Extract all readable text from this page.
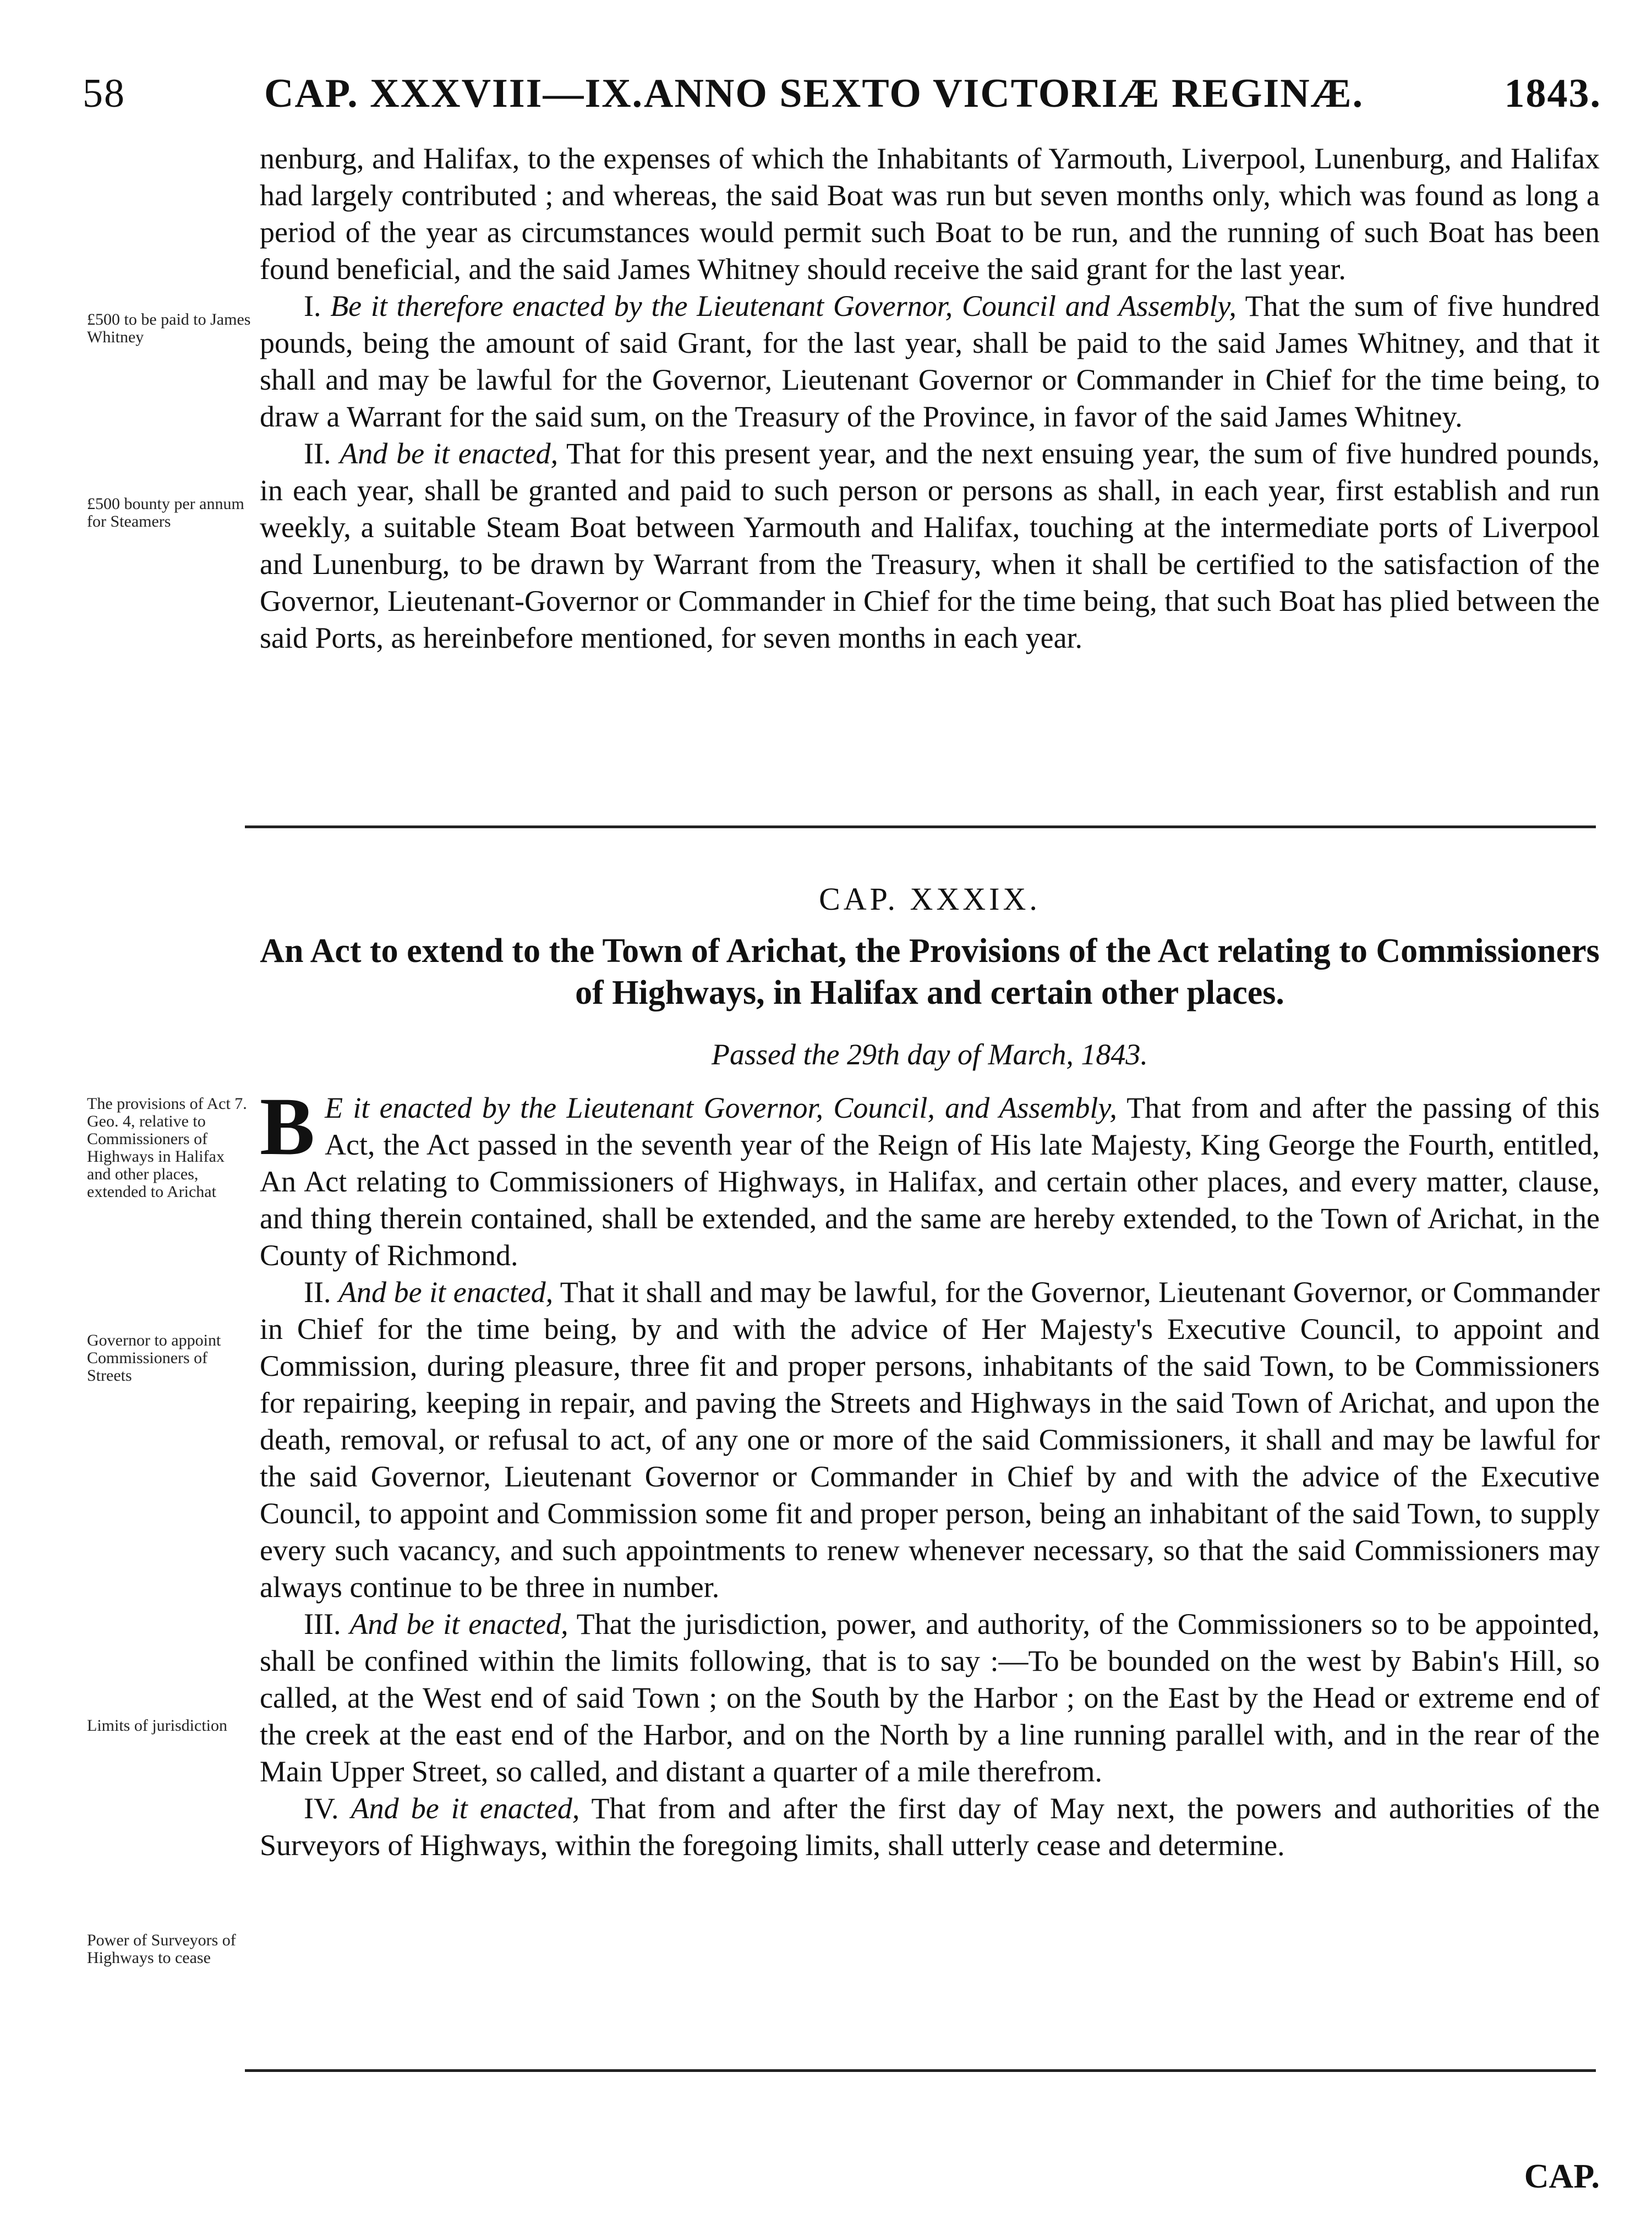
58	CAP. XXXVIII—IX. ANNO SEXTO VICTORIÆ REGINÆ.	1843.

nenburg, and Halifax, to the expenses of which the Inhabitants of Yarmouth, Liverpool, Lunenburg, and Halifax had largely contributed ; and whereas, the said Boat was run but seven months only, which was found as long a period of the year as circumstances would permit such Boat to be run, and the running of such Boat has been found beneficial, and the said James Whitney should receive the said grant for the last year.

I. Be it therefore enacted by the Lieutenant Governor, Council and Assembly, That the sum of five hundred pounds, being the amount of said Grant, for the last year, shall be paid to the said James Whitney, and that it shall and may be lawful for the Governor, Lieutenant Governor or Commander in Chief for the time being, to draw a Warrant for the said sum, on the Treasury of the Province, in favor of the said James Whitney.

II. And be it enacted, That for this present year, and the next ensuing year, the sum of five hundred pounds, in each year, shall be granted and paid to such person or persons as shall, in each year, first establish and run weekly, a suitable Steam Boat between Yarmouth and Halifax, touching at the intermediate ports of Liverpool and Lunenburg, to be drawn by Warrant from the Treasury, when it shall be certified to the satisfaction of the Governor, Lieutenant-Governor or Commander in Chief for the time being, that such Boat has plied between the said Ports, as hereinbefore mentioned, for seven months in each year.

£500 to be paid to James Whitney
£500 bounty per annum for Steamers
The provisions of Act 7. Geo. 4, relative to Commissioners of Highways in Halifax and other places, extended to Arichat
Governor to appoint Commissioners of Streets
Limits of jurisdiction
Power of Surveyors of Highways to cease
CAP. XXXIX.
An Act to extend to the Town of Arichat, the Provisions of the Act relating to Commissioners of Highways, in Halifax and certain other places.
Passed the 29th day of March, 1843.

B E it enacted by the Lieutenant Governor, Council, and Assembly, That from and after the passing of this Act, the Act passed in the seventh year of the Reign of His late Majesty, King George the Fourth, entitled, An Act relating to Commissioners of Highways, in Halifax, and certain other places, and every matter, clause, and thing therein contained, shall be extended, and the same are hereby extended, to the Town of Arichat, in the County of Richmond.

II. And be it enacted, That it shall and may be lawful, for the Governor, Lieutenant Governor, or Commander in Chief for the time being, by and with the advice of Her Majesty's Executive Council, to appoint and Commission, during pleasure, three fit and proper persons, inhabitants of the said Town, to be Commissioners for repairing, keeping in repair, and paving the Streets and Highways in the said Town of Arichat, and upon the death, removal, or refusal to act, of any one or more of the said Commissioners, it shall and may be lawful for the said Governor, Lieutenant Governor or Commander in Chief by and with the advice of the Executive Council, to appoint and Commission some fit and proper person, being an inhabitant of the said Town, to supply every such vacancy, and such appointments to renew whenever necessary, so that the said Commissioners may always continue to be three in number.

III. And be it enacted, That the jurisdiction, power, and authority, of the Commissioners so to be appointed, shall be confined within the limits following, that is to say :—To be bounded on the west by Babin's Hill, so called, at the West end of said Town ; on the South by the Harbor ; on the East by the Head or extreme end of the creek at the east end of the Harbor, and on the North by a line running parallel with, and in the rear of the Main Upper Street, so called, and distant a quarter of a mile therefrom.

IV. And be it enacted, That from and after the first day of May next, the powers and authorities of the Surveyors of Highways, within the foregoing limits, shall utterly cease and determine.

CAP.
